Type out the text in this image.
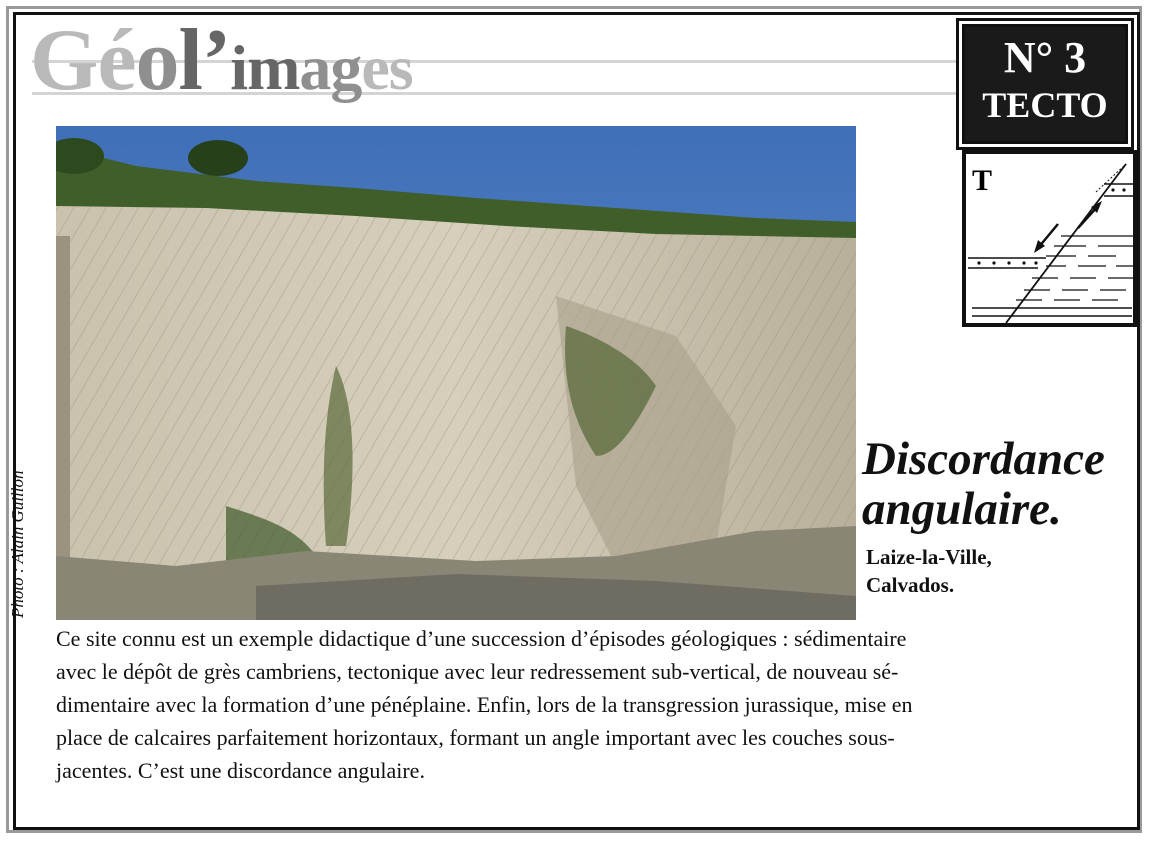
Géol’images	N° 3
TECTO
T
Photo : Alain Guillon
Discordance
angulaire.
Laize-la-Ville,
Calvados.
Ce site connu est un exemple didactique d’une succession d’épisodes géologiques : sédimentaire
avec le dépôt de grès cambriens, tectonique avec leur redressement sub-vertical, de nouveau sé-
dimentaire avec la formation d’une pénéplaine. Enfin, lors de la transgression jurassique, mise en
place de calcaires parfaitement horizontaux, formant un angle important avec les couches sous-
jacentes. C’est une discordance angulaire.
